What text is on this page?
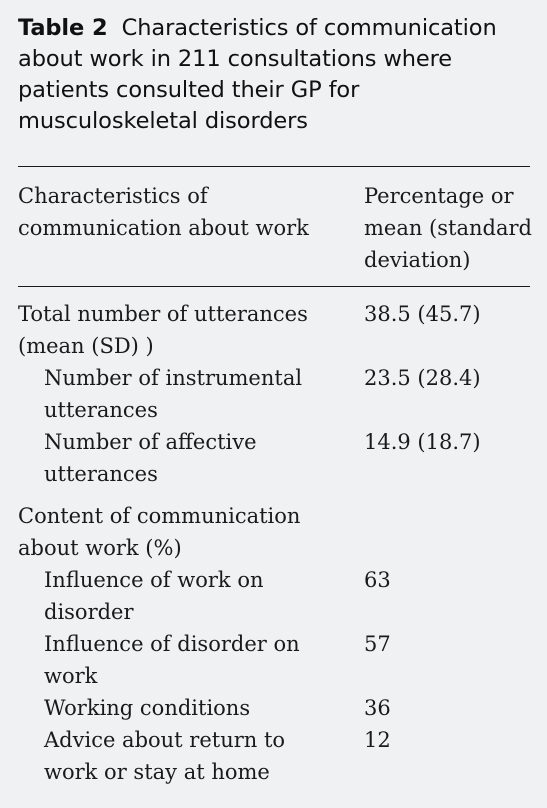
Table 2 Characteristics of communication about work in 211 consultations where patients consulted their GP for musculoskeletal disorders
Characteristics of communication about work
Percentage or mean (standard deviation)
Total number of utterances (mean (SD) )
38.5 (45.7)
Number of instrumental utterances
23.5 (28.4)
Number of affective utterances
14.9 (18.7)
Content of communication about work (%)
Influence of work on disorder
63
Influence of disorder on work
57
Working conditions	36
Advice about return to work or stay at home
12
